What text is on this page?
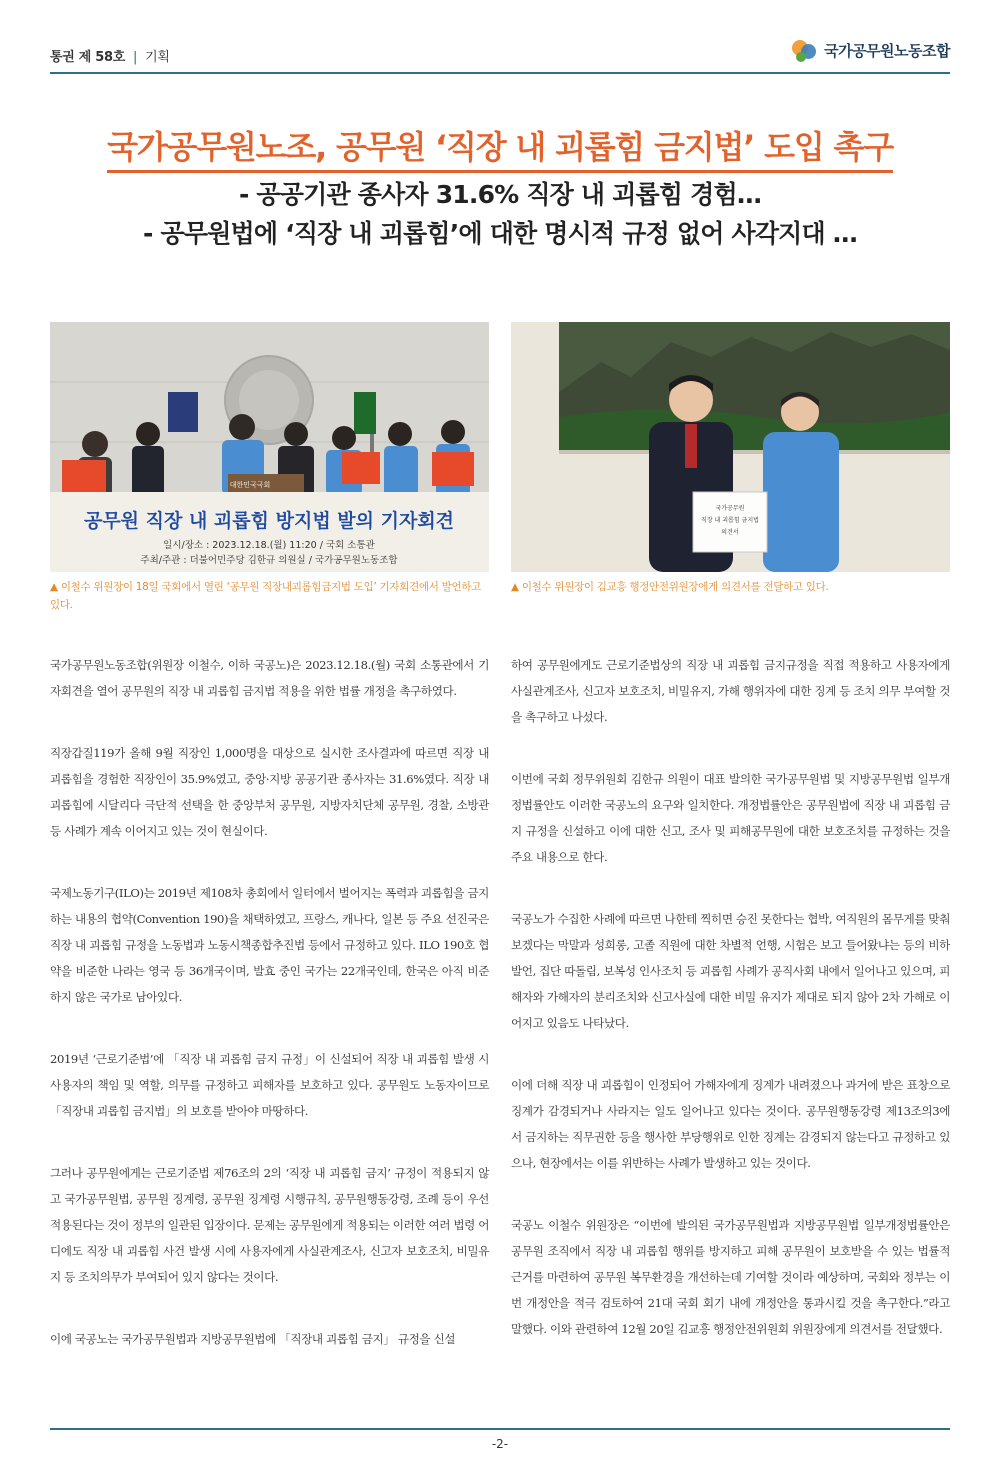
통권 제 58호 | 기획	국가공무원노동조합
국가공무원노조, 공무원 ‘직장 내 괴롭힘 금지법’ 도입 촉구
- 공공기관 종사자 31.6% 직장 내 괴롭힘 경험…
- 공무원법에 ‘직장 내 괴롭힘’에 대한 명시적 규정 없어 사각지대 …
대한민국국회
공무원 직장 내 괴롭힘 방지법 발의 기자회견
일시/장소 : 2023.12.18.(월) 11:20 / 국회 소통관
주최/주관 : 더불어민주당 김한규 의원실 / 국가공무원노동조합
국가공무원
직장 내 괴롭힘 금지법
의견서
▲ 이철수 위원장이 18일 국회에서 열린 ‘공무원 직장내괴롭힘금지법 도입’ 기자회견에서 발언하고 있다.
▲ 이철수 위원장이 김교흥 행정안전위원장에게 의견서를 전달하고 있다.

국가공무원노동조합(위원장 이철수, 이하 국공노)은 2023.12.18.(월) 국회 소통관에서 기자회견을 열어 공무원의 직장 내 괴롭힘 금지법 적용을 위한 법률 개정을 촉구하였다.

직장갑질119가 올해 9월 직장인 1,000명을 대상으로 실시한 조사결과에 따르면 직장 내 괴롭힘을 경험한 직장인이 35.9%였고, 중앙·지방 공공기관 종사자는 31.6%였다. 직장 내 괴롭힘에 시달리다 극단적 선택을 한 중앙부처 공무원, 지방자치단체 공무원, 경찰, 소방관 등 사례가 계속 이어지고 있는 것이 현실이다.

국제노동기구(ILO)는 2019년 제108차 총회에서 일터에서 벌어지는 폭력과 괴롭힘을 금지하는 내용의 협약(Convention 190)을 채택하였고, 프랑스, 캐나다, 일본 등 주요 선진국은 직장 내 괴롭힘 규정을 노동법과 노동시책종합추진법 등에서 규정하고 있다. ILO 190호 협약을 비준한 나라는 영국 등 36개국이며, 발효 중인 국가는 22개국인데, 한국은 아직 비준하지 않은 국가로 남아있다.

2019년 ‘근로기준법’에 「직장 내 괴롭힘 금지 규정」이 신설되어 직장 내 괴롭힘 발생 시 사용자의 책임 및 역할, 의무를 규정하고 피해자를 보호하고 있다. 공무원도 노동자이므로 「직장내 괴롭힘 금지법」의 보호를 받아야 마땅하다.

그러나 공무원에게는 근로기준법 제76조의 2의 ‘직장 내 괴롭힘 금지’ 규정이 적용되지 않고 국가공무원법, 공무원 징계령, 공무원 징계령 시행규칙, 공무원행동강령, 조례 등이 우선 적용된다는 것이 정부의 일관된 입장이다. 문제는 공무원에게 적용되는 이러한 여러 법령 어디에도 직장 내 괴롭힘 사건 발생 시에 사용자에게 사실관계조사, 신고자 보호조치, 비밀유지 등 조치의무가 부여되어 있지 않다는 것이다.

이에 국공노는 국가공무원법과 지방공무원법에 「직장내 괴롭힘 금지」 규정을 신설

하여 공무원에게도 근로기준법상의 직장 내 괴롭힘 금지규정을 직접 적용하고 사용자에게 사실관계조사, 신고자 보호조치, 비밀유지, 가해 행위자에 대한 징계 등 조치 의무 부여할 것을 촉구하고 나섰다.

이번에 국회 정무위원회 김한규 의원이 대표 발의한 국가공무원법 및 지방공무원법 일부개정법률안도 이러한 국공노의 요구와 일치한다. 개정법률안은 공무원법에 직장 내 괴롭힘 금지 규정을 신설하고 이에 대한 신고, 조사 및 피해공무원에 대한 보호조치를 규정하는 것을 주요 내용으로 한다.

국공노가 수집한 사례에 따르면 나한테 찍히면 승진 못한다는 협박, 여직원의 몸무게를 맞춰보겠다는 막말과 성희롱, 고졸 직원에 대한 차별적 언행, 시험은 보고 들어왔냐는 등의 비하 발언, 집단 따돌림, 보복성 인사조치 등 괴롭힘 사례가 공직사회 내에서 일어나고 있으며, 피해자와 가해자의 분리조치와 신고사실에 대한 비밀 유지가 제대로 되지 않아 2차 가해로 이어지고 있음도 나타났다.

이에 더해 직장 내 괴롭힘이 인정되어 가해자에게 징계가 내려졌으나 과거에 받은 표창으로 징계가 감경되거나 사라지는 일도 일어나고 있다는 것이다. 공무원행동강령 제13조의3에서 금지하는 직무권한 등을 행사한 부당행위로 인한 징계는 감경되지 않는다고 규정하고 있으나, 현장에서는 이를 위반하는 사례가 발생하고 있는 것이다.

국공노 이철수 위원장은 “이번에 발의된 국가공무원법과 지방공무원법 일부개정법률안은 공무원 조직에서 직장 내 괴롭힘 행위를 방지하고 피해 공무원이 보호받을 수 있는 법률적 근거를 마련하여 공무원 복무환경을 개선하는데 기여할 것이라 예상하며, 국회와 정부는 이번 개정안을 적극 검토하여 21대 국회 회기 내에 개정안을 통과시킬 것을 촉구한다.”라고 말했다. 이와 관련하여 12월 20일 김교흥 행정안전위원회 위원장에게 의견서를 전달했다.

-2-
